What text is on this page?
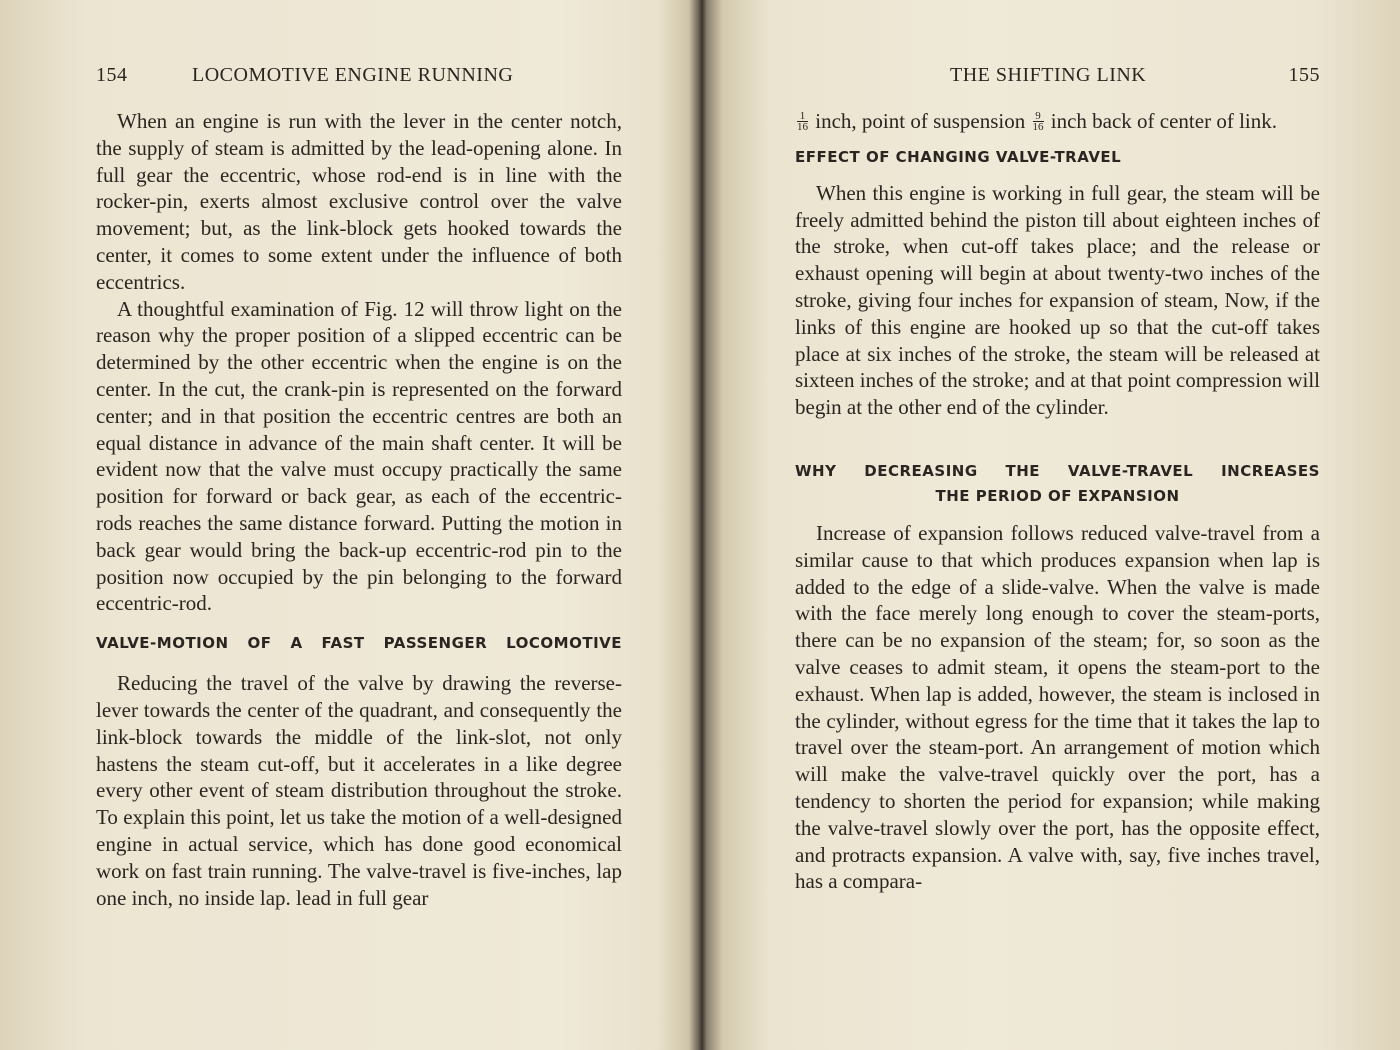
154	LOCOMOTIVE ENGINE RUNNING

When an engine is run with the lever in the center notch, the supply of steam is admitted by the lead-opening alone. In full gear the eccentric, whose rod-end is in line with the rocker-pin, exerts almost exclusive control over the valve movement; but, as the link-block gets hooked towards the center, it comes to some extent under the influence of both eccentrics.

A thoughtful examination of Fig. 12 will throw light on the reason why the proper position of a slipped eccentric can be determined by the other eccentric when the engine is on the center. In the cut, the crank-pin is represented on the forward center; and in that position the eccentric centres are both an equal distance in advance of the main shaft center. It will be evident now that the valve must occupy practically the same position for forward or back gear, as each of the eccentric-rods reaches the same distance forward. Putting the motion in back gear would bring the back-up eccentric-rod pin to the position now occupied by the pin belonging to the forward eccentric-rod.

VALVE-MOTION OF A FAST PASSENGER LOCOMOTIVE

Reducing the travel of the valve by drawing the reverse-lever towards the center of the quadrant, and consequently the link-block towards the middle of the link-slot, not only hastens the steam cut-off, but it accelerates in a like degree every other event of steam distribution throughout the stroke. To explain this point, let us take the motion of a well-designed engine in actual service, which has done good economical work on fast train running. The valve-travel is five-inches, lap one inch, no inside lap. lead in full gear

THE SHIFTING LINK	155

$\frac{1}{16}$ inch, point of suspension $\frac{9}{16}$ inch back of center of link.

EFFECT OF CHANGING VALVE-TRAVEL

When this engine is working in full gear, the steam will be freely admitted behind the piston till about eighteen inches of the stroke, when cut-off takes place; and the release or exhaust opening will begin at about twenty-two inches of the stroke, giving four inches for expansion of steam, Now, if the links of this engine are hooked up so that the cut-off takes place at six inches of the stroke, the steam will be released at sixteen inches of the stroke; and at that point compression will begin at the other end of the cylinder.

WHY DECREASING THE VALVE-TRAVEL INCREASES
THE PERIOD OF EXPANSION

Increase of expansion follows reduced valve-travel from a similar cause to that which produces expansion when lap is added to the edge of a slide-valve. When the valve is made with the face merely long enough to cover the steam-ports, there can be no expansion of the steam; for, so soon as the valve ceases to admit steam, it opens the steam-port to the exhaust. When lap is added, however, the steam is inclosed in the cylinder, without egress for the time that it takes the lap to travel over the steam-port. An arrangement of motion which will make the valve-travel quickly over the port, has a tendency to shorten the period for expansion; while making the valve-travel slowly over the port, has the opposite effect, and protracts expansion. A valve with, say, five inches travel, has a compara-
